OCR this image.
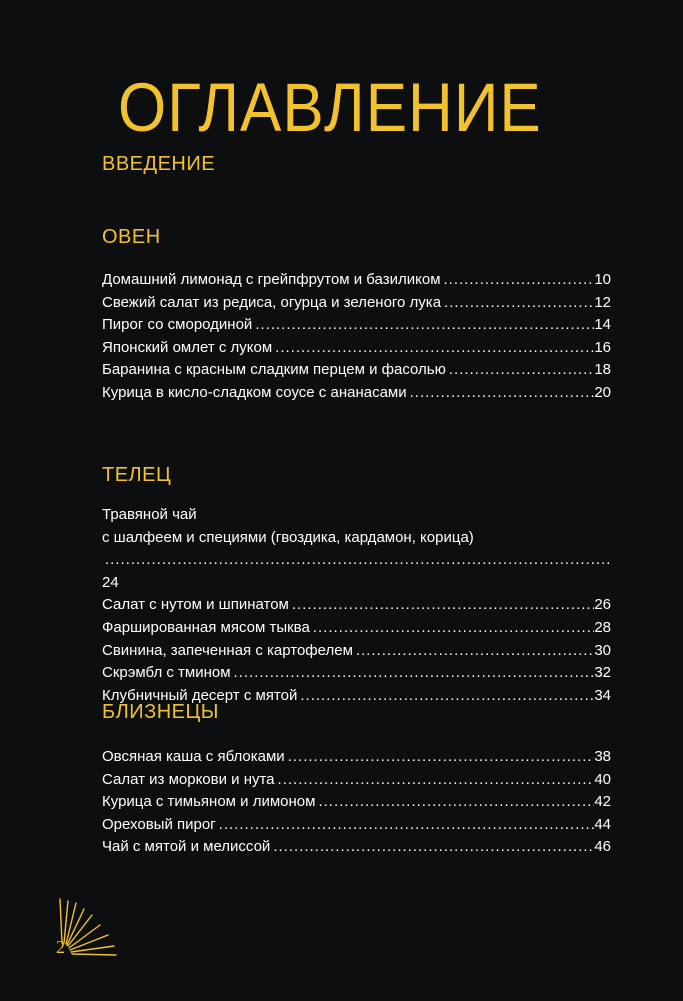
ОГЛАВЛЕНИЕ
ВВЕДЕНИЕ
ОВЕН
Домашний лимонад с грейпфрутом и базиликом .....	10
Свежий салат из редиса, огурца и зеленого лука .....	12
Пирог со смородиной .....	14
Японский омлет с луком .....	16
Баранина с красным сладким перцем и фасолью .....	18
Курица в кисло-сладком соусе с ананасами .....	20
ТЕЛЕЦ
Травяной чай
с шалфеем и специями (гвоздика, кардамон, корица)
.....
24
Салат с нутом и шпинатом .....	26
Фаршированная мясом тыква .....	28
Свинина, запеченная с картофелем .....	30
Скрэмбл с тмином .....	32
Клубничный десерт с мятой .....	34
БЛИЗНЕЦЫ
Овсяная каша с яблоками .....	38
Салат из моркови и нута .....	40
Курица с тимьяном и лимоном .....	42
Ореховый пирог .....	44
Чай с мятой и мелиссой .....	46
2
